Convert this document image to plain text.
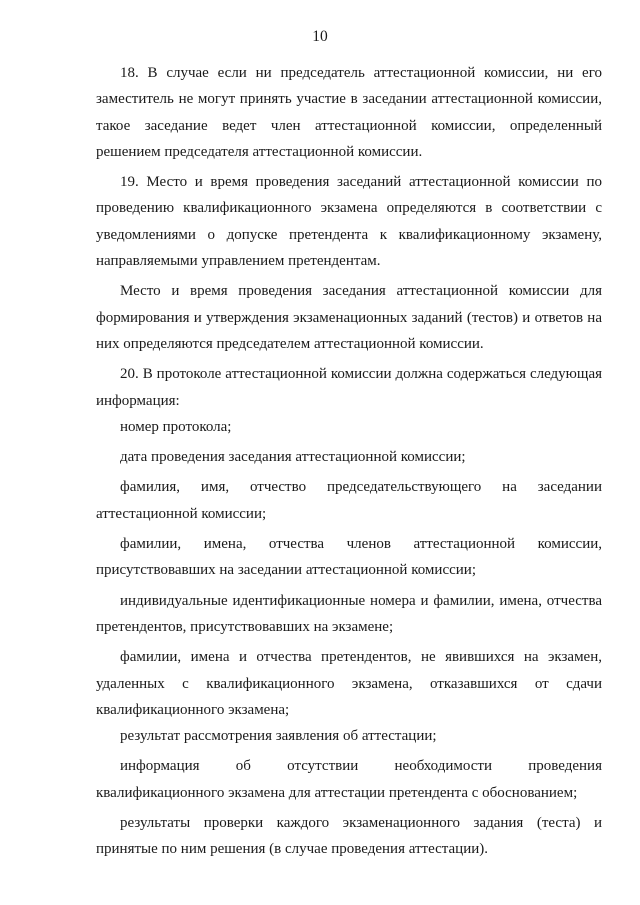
10

18. В случае если ни председатель аттестационной комиссии, ни его заместитель не могут принять участие в заседании аттестационной комиссии, такое заседание ведет член аттестационной комиссии, определенный решением председателя аттестационной комиссии.

19. Место и время проведения заседаний аттестационной комиссии по проведению квалификационного экзамена определяются в соответствии с уведомлениями о допуске претендента к квалификационному экзамену, направляемыми управлением претендентам.

Место и время проведения заседания аттестационной комиссии для формирования и утверждения экзаменационных заданий (тестов) и ответов на них определяются председателем аттестационной комиссии.

20. В протоколе аттестационной комиссии должна содержаться следующая информация:

номер протокола;

дата проведения заседания аттестационной комиссии;

фамилия, имя, отчество председательствующего на заседании аттестационной комиссии;

фамилии, имена, отчества членов аттестационной комиссии, присутствовавших на заседании аттестационной комиссии;

индивидуальные идентификационные номера и фамилии, имена, отчества претендентов, присутствовавших на экзамене;

фамилии, имена и отчества претендентов, не явившихся на экзамен, удаленных с квалификационного экзамена, отказавшихся от сдачи квалификационного экзамена;

результат рассмотрения заявления об аттестации;

информация об отсутствии необходимости проведения квалификационного экзамена для аттестации претендента с обоснованием;

результаты проверки каждого экзаменационного задания (теста) и принятые по ним решения (в случае проведения аттестации).
